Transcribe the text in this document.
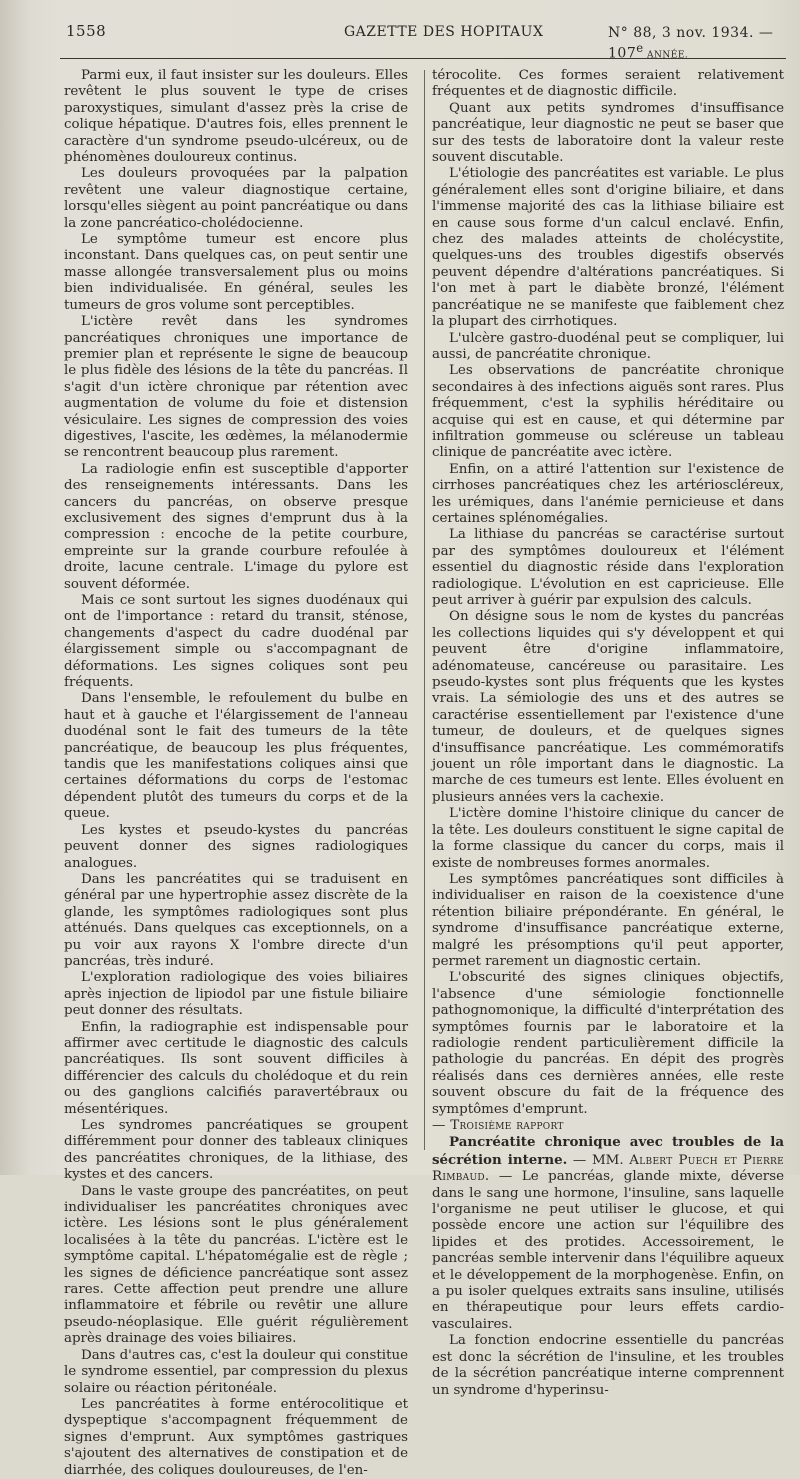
1558	GAZETTE DES HOPITAUX	N° 88, 3 nov. 1934. — 107e ANNÉE.

Parmi eux, il faut insister sur les douleurs. Elles revêtent le plus souvent le type de crises paroxystiques, simulant d'assez près la crise de colique hépatique. D'autres fois, elles prennent le caractère d'un syndrome pseudo-ulcéreux, ou de phénomènes douloureux continus.

Les douleurs provoquées par la palpation revêtent une valeur diagnostique certaine, lorsqu'elles siègent au point pancréatique ou dans la zone pancréatico-cholédocienne.

Le symptôme tumeur est encore plus inconstant. Dans quelques cas, on peut sentir une masse allongée transversalement plus ou moins bien individualisée. En général, seules les tumeurs de gros volume sont perceptibles.

L'ictère revêt dans les syndromes pancréatiques chroniques une importance de premier plan et représente le signe de beaucoup le plus fidèle des lésions de la tête du pancréas. Il s'agit d'un ictère chronique par rétention avec augmentation de volume du foie et distension vésiculaire. Les signes de compression des voies digestives, l'ascite, les œdèmes, la mélanodermie se rencontrent beaucoup plus rarement.

La radiologie enfin est susceptible d'apporter des renseignements intéressants. Dans les cancers du pancréas, on observe presque exclusivement des signes d'emprunt dus à la compression : encoche de la petite courbure, empreinte sur la grande courbure refoulée à droite, lacune centrale. L'image du pylore est souvent déformée.

Mais ce sont surtout les signes duodénaux qui ont de l'importance : retard du transit, sténose, changements d'aspect du cadre duodénal par élargissement simple ou s'accompagnant de déformations. Les signes coliques sont peu fréquents.

Dans l'ensemble, le refoulement du bulbe en haut et à gauche et l'élargissement de l'anneau duodénal sont le fait des tumeurs de la tête pancréatique, de beaucoup les plus fréquentes, tandis que les manifestations coliques ainsi que certaines déformations du corps de l'estomac dépendent plutôt des tumeurs du corps et de la queue.

Les kystes et pseudo-kystes du pancréas peuvent donner des signes radiologiques analogues.

Dans les pancréatites qui se traduisent en général par une hypertrophie assez discrète de la glande, les symptômes radiologiques sont plus atténués. Dans quelques cas exceptionnels, on a pu voir aux rayons X l'ombre directe d'un pancréas, très induré.

L'exploration radiologique des voies biliaires après injection de lipiodol par une fistule biliaire peut donner des résultats.

Enfin, la radiographie est indispensable pour affirmer avec certitude le diagnostic des calculs pancréatiques. Ils sont souvent difficiles à différencier des calculs du cholédoque et du rein ou des ganglions calcifiés paravertébraux ou mésentériques.

Les syndromes pancréatiques se groupent différemment pour donner des tableaux cliniques des pancréatites chroniques, de la lithiase, des kystes et des cancers.

Dans le vaste groupe des pancréatites, on peut individualiser les pancréatites chroniques avec ictère. Les lésions sont le plus généralement localisées à la tête du pancréas. L'ictère est le symptôme capital. L'hépatomégalie est de règle ; les signes de déficience pancréatique sont assez rares. Cette affection peut prendre une allure inflammatoire et fébrile ou revêtir une allure pseudo-néoplasique. Elle guérit régulièrement après drainage des voies biliaires.

Dans d'autres cas, c'est la douleur qui constitue le syndrome essentiel, par compression du plexus solaire ou réaction péritonéale.

Les pancréatites à forme entérocolitique et dyspeptique s'accompagnent fréquemment de signes d'emprunt. Aux symptômes gastriques s'ajoutent des alternatives de constipation et de diarrhée, des coliques douloureuses, de l'en-

térocolite. Ces formes seraient relativement fréquentes et de diagnostic difficile.

Quant aux petits syndromes d'insuffisance pancréatique, leur diagnostic ne peut se baser que sur des tests de laboratoire dont la valeur reste souvent discutable.

L'étiologie des pancréatites est variable. Le plus généralement elles sont d'origine biliaire, et dans l'immense majorité des cas la lithiase biliaire est en cause sous forme d'un calcul enclavé. Enfin, chez des malades atteints de cholécystite, quelques-uns des troubles digestifs observés peuvent dépendre d'altérations pancréatiques. Si l'on met à part le diabète bronzé, l'élément pancréatique ne se manifeste que faiblement chez la plupart des cirrhotiques.

L'ulcère gastro-duodénal peut se compliquer, lui aussi, de pancréatite chronique.

Les observations de pancréatite chronique secondaires à des infections aiguës sont rares. Plus fréquemment, c'est la syphilis héréditaire ou acquise qui est en cause, et qui détermine par infiltration gommeuse ou scléreuse un tableau clinique de pancréatite avec ictère.

Enfin, on a attiré l'attention sur l'existence de cirrhoses pancréatiques chez les artérioscléreux, les urémiques, dans l'anémie pernicieuse et dans certaines splénomégalies.

La lithiase du pancréas se caractérise surtout par des symptômes douloureux et l'élément essentiel du diagnostic réside dans l'exploration radiologique. L'évolution en est capricieuse. Elle peut arriver à guérir par expulsion des calculs.

On désigne sous le nom de kystes du pancréas les collections liquides qui s'y développent et qui peuvent être d'origine inflammatoire, adénomateuse, cancéreuse ou parasitaire. Les pseudo-kystes sont plus fréquents que les kystes vrais. La sémiologie des uns et des autres se caractérise essentiellement par l'existence d'une tumeur, de douleurs, et de quelques signes d'insuffisance pancréatique. Les commémoratifs jouent un rôle important dans le diagnostic. La marche de ces tumeurs est lente. Elles évoluent en plusieurs années vers la cachexie.

L'ictère domine l'histoire clinique du cancer de la tête. Les douleurs constituent le signe capital de la forme classique du cancer du corps, mais il existe de nombreuses formes anormales.

Les symptômes pancréatiques sont difficiles à individualiser en raison de la coexistence d'une rétention biliaire prépondérante. En général, le syndrome d'insuffisance pancréatique externe, malgré les présomptions qu'il peut apporter, permet rarement un diagnostic certain.

L'obscurité des signes cliniques objectifs, l'absence d'une sémiologie fonctionnelle pathognomonique, la difficulté d'interprétation des symptômes fournis par le laboratoire et la radiologie rendent particulièrement difficile la pathologie du pancréas. En dépit des progrès réalisés dans ces dernières années, elle reste souvent obscure du fait de la fréquence des symptômes d'emprunt.

— Troisième rapport

Pancréatite chronique avec troubles de la sécrétion interne. — MM. Albert Puech et Pierre Rimbaud. — Le pancréas, glande mixte, déverse dans le sang une hormone, l'insuline, sans laquelle l'organisme ne peut utiliser le glucose, et qui possède encore une action sur l'équilibre des lipides et des protides. Accessoirement, le pancréas semble intervenir dans l'équilibre aqueux et le développement de la morphogenèse. Enfin, on a pu isoler quelques extraits sans insuline, utilisés en thérapeutique pour leurs effets cardio-vasculaires.

La fonction endocrine essentielle du pancréas est donc la sécrétion de l'insuline, et les troubles de la sécrétion pancréatique interne comprennent un syndrome d'hyperinsu-
